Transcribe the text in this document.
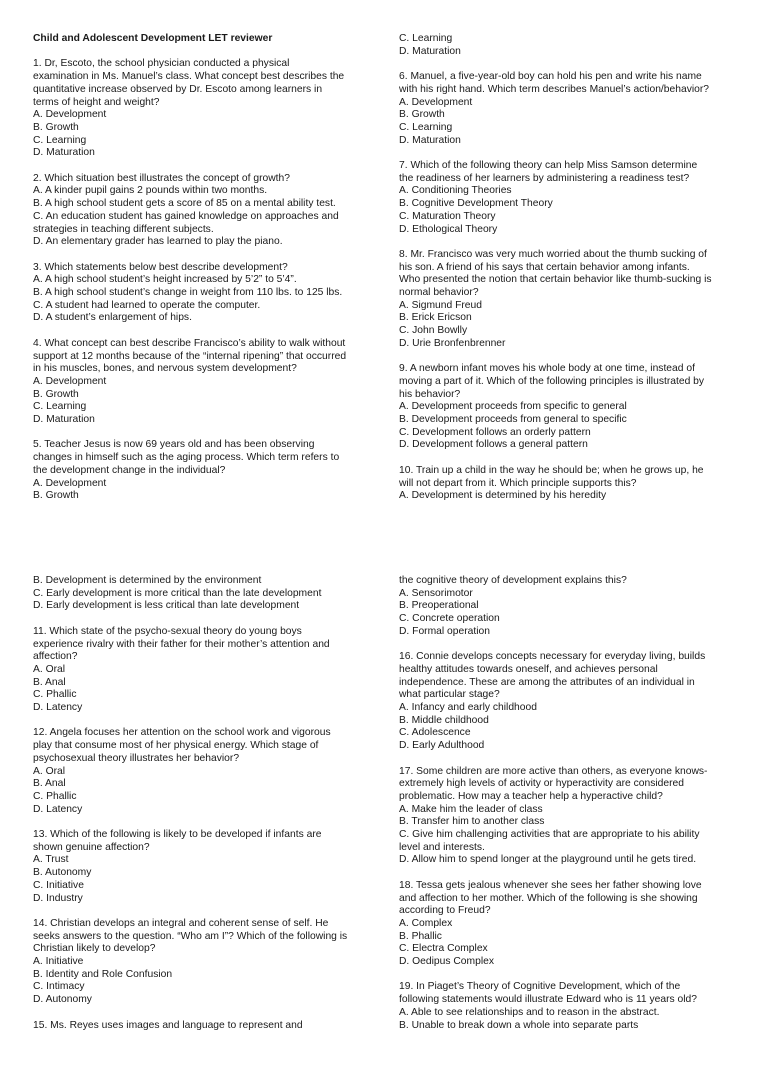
Child and Adolescent Development LET reviewer
1. Dr, Escoto, the school physician conducted a physical
examination in Ms. Manuel’s class. What concept best describes the
quantitative increase observed by Dr. Escoto among learners in
terms of height and weight?
A. Development
B. Growth
C. Learning
D. Maturation
2. Which situation best illustrates the concept of growth?
A. A kinder pupil gains 2 pounds within two months.
B. A high school student gets a score of 85 on a mental ability test.
C. An education student has gained knowledge on approaches and
strategies in teaching different subjects.
D. An elementary grader has learned to play the piano.
3. Which statements below best describe development?
A. A high school student’s height increased by 5’2” to 5’4”.
B. A high school student’s change in weight from 110 lbs. to 125 lbs.
C. A student had learned to operate the computer.
D. A student’s enlargement of hips.
4. What concept can best describe Francisco’s ability to walk without
support at 12 months because of the “internal ripening” that occurred
in his muscles, bones, and nervous system development?
A. Development
B. Growth
C. Learning
D. Maturation
5. Teacher Jesus is now 69 years old and has been observing
changes in himself such as the aging process. Which term refers to
the development change in the individual?
A. Development
B. Growth
C. Learning
D. Maturation
6. Manuel, a five-year-old boy can hold his pen and write his name
with his right hand. Which term describes Manuel’s action/behavior?
A. Development
B. Growth
C. Learning
D. Maturation
7. Which of the following theory can help Miss Samson determine
the readiness of her learners by administering a readiness test?
A. Conditioning Theories
B. Cognitive Development Theory
C. Maturation Theory
D. Ethological Theory
8. Mr. Francisco was very much worried about the thumb sucking of
his son. A friend of his says that certain behavior among infants.
Who presented the notion that certain behavior like thumb-sucking is
normal behavior?
A. Sigmund Freud
B. Erick Ericson
C. John Bowlly
D. Urie Bronfenbrenner
9. A newborn infant moves his whole body at one time, instead of
moving a part of it. Which of the following principles is illustrated by
his behavior?
A. Development proceeds from specific to general
B. Development proceeds from general to specific
C. Development follows an orderly pattern
D. Development follows a general pattern
10. Train up a child in the way he should be; when he grows up, he
will not depart from it. Which principle supports this?
A. Development is determined by his heredity
B. Development is determined by the environment
C. Early development is more critical than the late development
D. Early development is less critical than late development
11. Which state of the psycho-sexual theory do young boys
experience rivalry with their father for their mother’s attention and
affection?
A. Oral
B. Anal
C. Phallic
D. Latency
12. Angela focuses her attention on the school work and vigorous
play that consume most of her physical energy. Which stage of
psychosexual theory illustrates her behavior?
A. Oral
B. Anal
C. Phallic
D. Latency
13. Which of the following is likely to be developed if infants are
shown genuine affection?
A. Trust
B. Autonomy
C. Initiative
D. Industry
14. Christian develops an integral and coherent sense of self. He
seeks answers to the question. “Who am I”? Which of the following is
Christian likely to develop?
A. Initiative
B. Identity and Role Confusion
C. Intimacy
D. Autonomy
15. Ms. Reyes uses images and language to represent and
the cognitive theory of development explains this?
A. Sensorimotor
B. Preoperational
C. Concrete operation
D. Formal operation
16. Connie develops concepts necessary for everyday living, builds
healthy attitudes towards oneself, and achieves personal
independence. These are among the attributes of an individual in
what particular stage?
A. Infancy and early childhood
B. Middle childhood
C. Adolescence
D. Early Adulthood
17. Some children are more active than others, as everyone knows-
extremely high levels of activity or hyperactivity are considered
problematic. How may a teacher help a hyperactive child?
A. Make him the leader of class
B. Transfer him to another class
C. Give him challenging activities that are appropriate to his ability
level and interests.
D. Allow him to spend longer at the playground until he gets tired.
18. Tessa gets jealous whenever she sees her father showing love
and affection to her mother. Which of the following is she showing
according to Freud?
A. Complex
B. Phallic
C. Electra Complex
D. Oedipus Complex
19. In Piaget’s Theory of Cognitive Development, which of the
following statements would illustrate Edward who is 11 years old?
A. Able to see relationships and to reason in the abstract.
B. Unable to break down a whole into separate parts
